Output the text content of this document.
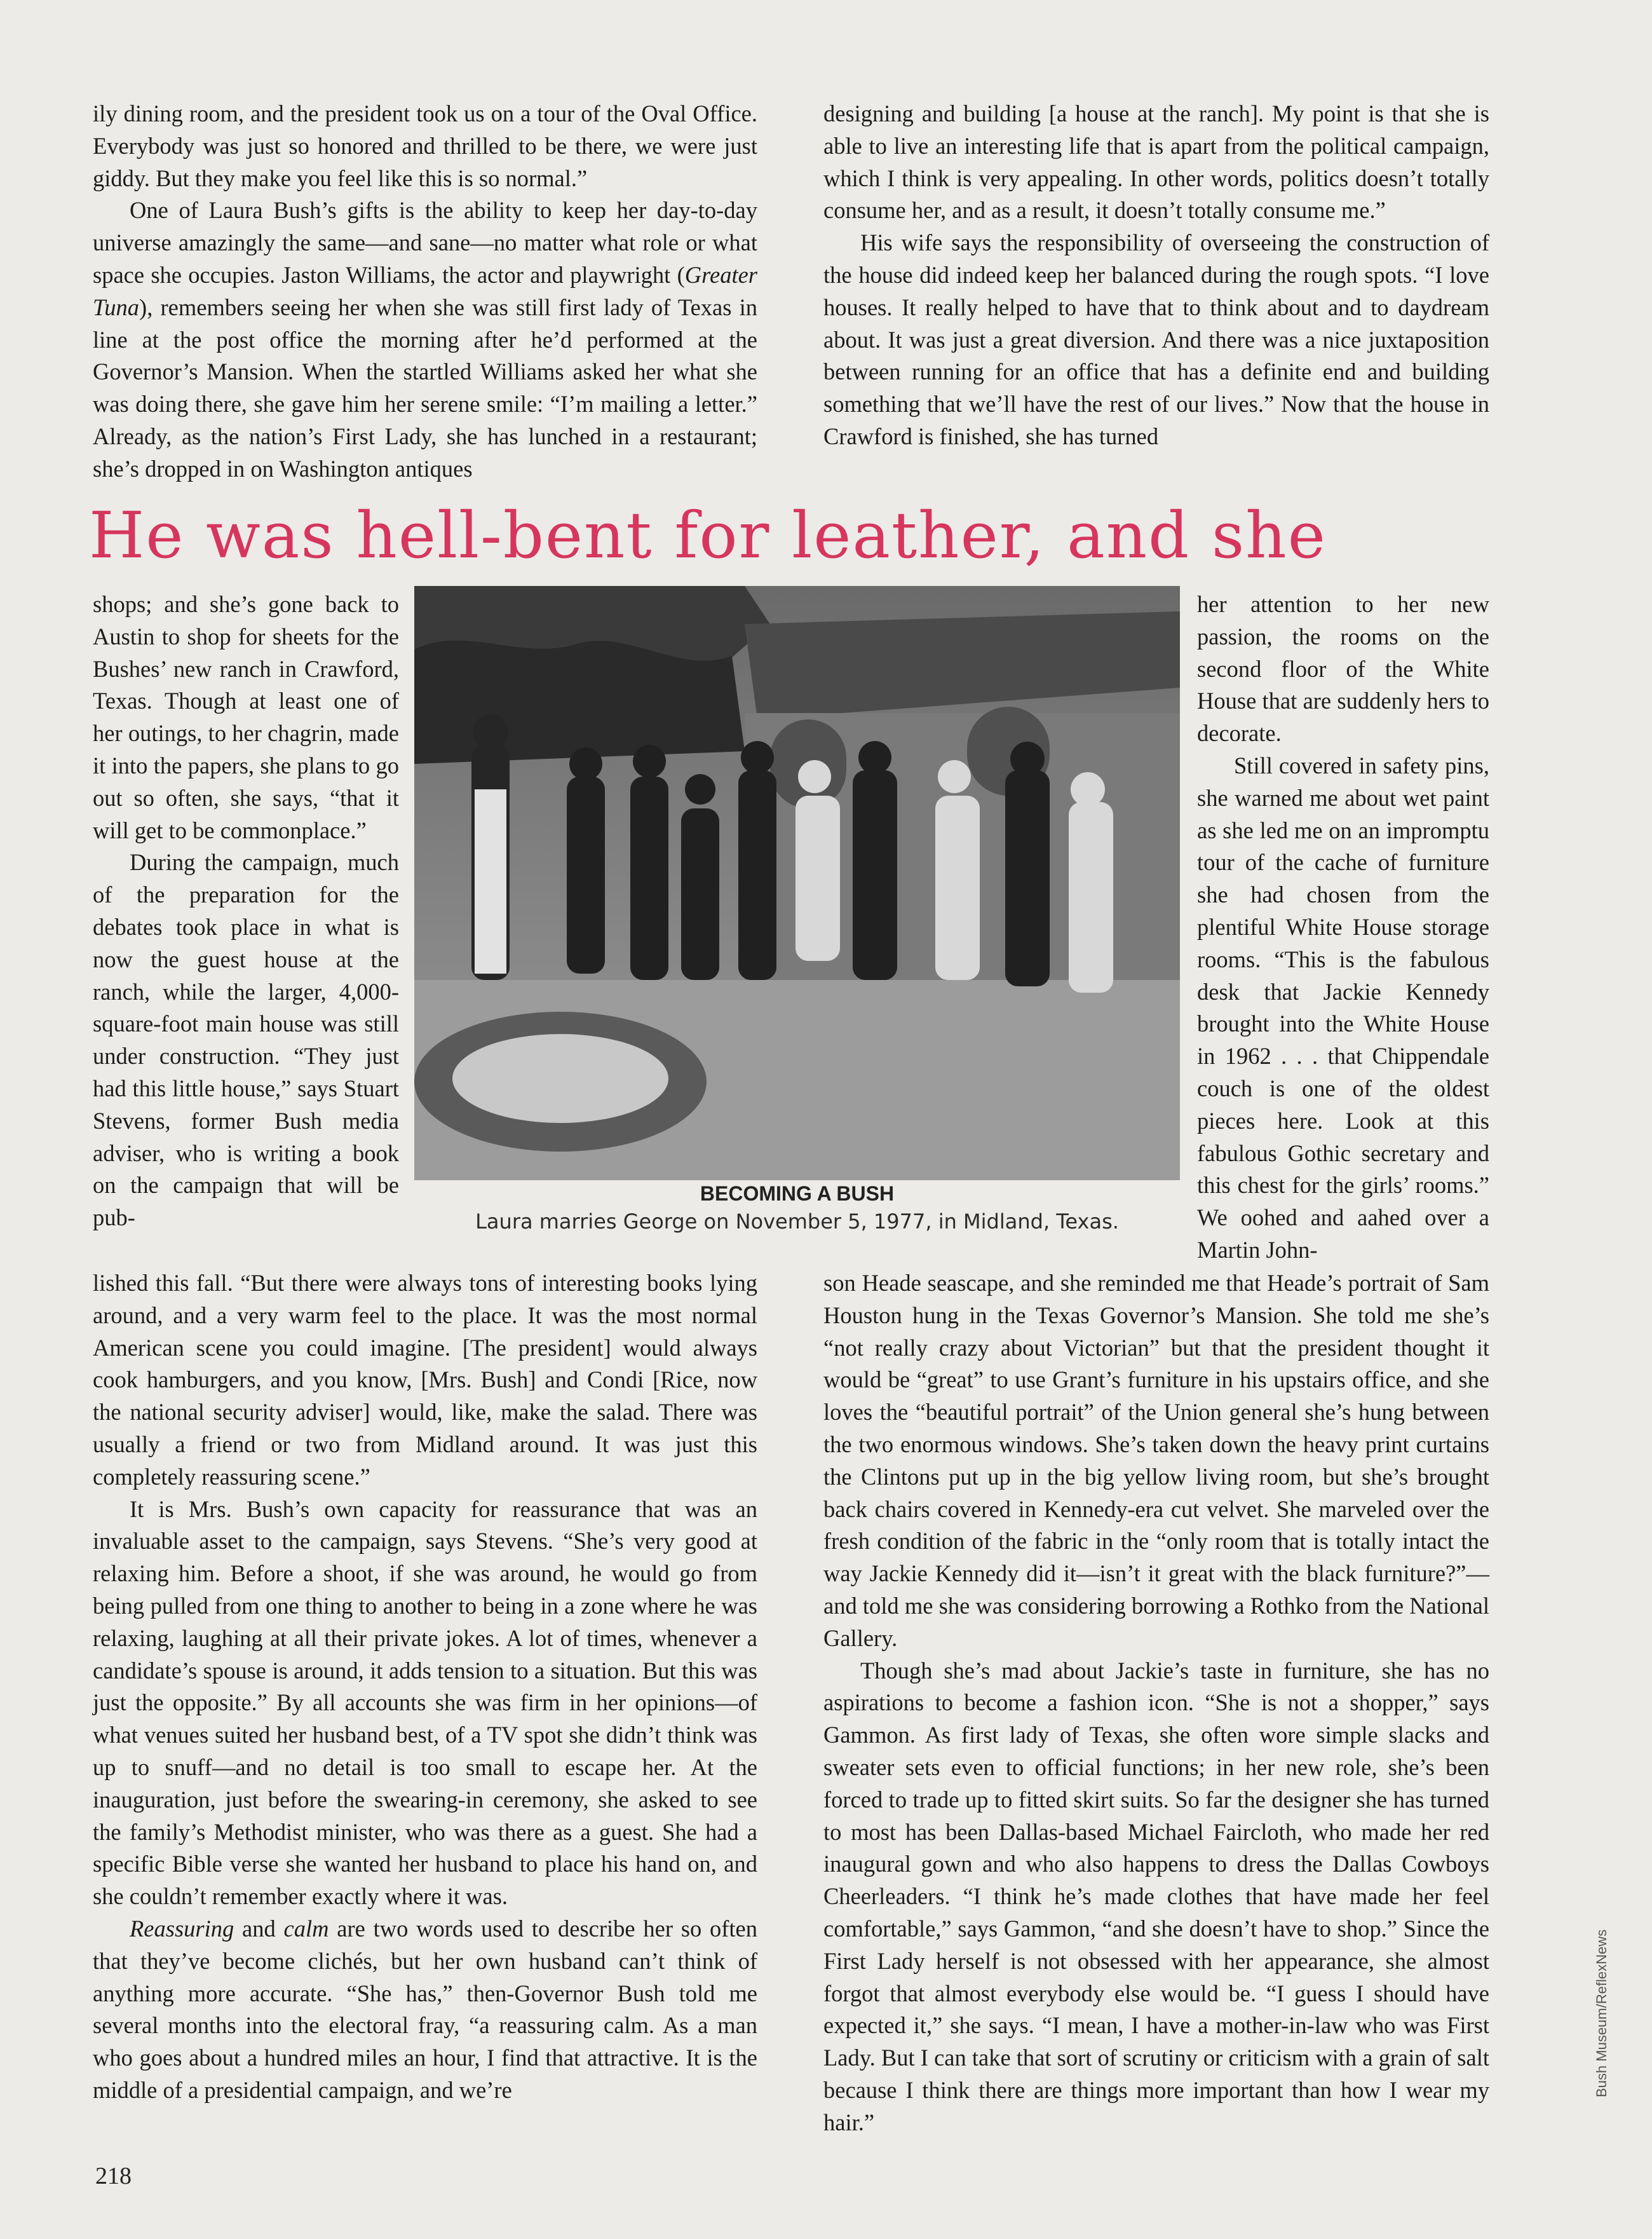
ily dining room, and the president took us on a tour of the Oval Office. Everybody was just so honored and thrilled to be there, we were just giddy. But they make you feel like this is so normal.”

One of Laura Bush’s gifts is the ability to keep her day-to-day universe amazingly the same—and sane—no matter what role or what space she occupies. Jaston Williams, the actor and playwright (Greater Tuna), remembers seeing her when she was still first lady of Texas in line at the post office the morning after he’d performed at the Governor’s Mansion. When the startled Williams asked her what she was doing there, she gave him her serene smile: “I’m mailing a letter.” Already, as the nation’s First Lady, she has lunched in a restaurant; she’s dropped in on Washington antiques

designing and building [a house at the ranch]. My point is that she is able to live an interesting life that is apart from the political campaign, which I think is very appealing. In other words, politics doesn’t totally consume her, and as a result, it doesn’t totally consume me.”

His wife says the responsibility of overseeing the construction of the house did indeed keep her balanced during the rough spots. “I love houses. It really helped to have that to think about and to daydream about. It was just a great diversion. And there was a nice juxtaposition between running for an office that has a definite end and building something that we’ll have the rest of our lives.” Now that the house in Crawford is finished, she has turned

He was hell-bent for leather, and she

shops; and she’s gone back to Austin to shop for sheets for the Bushes’ new ranch in Crawford, Texas. Though at least one of her outings, to her chagrin, made it into the papers, she plans to go out so often, she says, “that it will get to be commonplace.”

During the campaign, much of the preparation for the debates took place in what is now the guest house at the ranch, while the larger, 4,000-square-foot main house was still under construction. “They just had this little house,” says Stuart Stevens, former Bush media adviser, who is writing a book on the campaign that will be pub-

BECOMING A BUSH

Laura marries George on November 5, 1977, in Midland, Texas.

her attention to her new passion, the rooms on the second floor of the White House that are suddenly hers to decorate.

Still covered in safety pins, she warned me about wet paint as she led me on an impromptu tour of the cache of furniture she had chosen from the plentiful White House storage rooms. “This is the fabulous desk that Jackie Kennedy brought into the White House in 1962 . . . that Chippendale couch is one of the oldest pieces here. Look at this fabulous Gothic secretary and this chest for the girls’ rooms.” We oohed and aahed over a Martin John-

lished this fall. “But there were always tons of interesting books lying around, and a very warm feel to the place. It was the most normal American scene you could imagine. [The president] would always cook hamburgers, and you know, [Mrs. Bush] and Condi [Rice, now the national security adviser] would, like, make the salad. There was usually a friend or two from Midland around. It was just this completely reassuring scene.”

It is Mrs. Bush’s own capacity for reassurance that was an invaluable asset to the campaign, says Stevens. “She’s very good at relaxing him. Before a shoot, if she was around, he would go from being pulled from one thing to another to being in a zone where he was relaxing, laughing at all their private jokes. A lot of times, whenever a candidate’s spouse is around, it adds tension to a situation. But this was just the opposite.” By all accounts she was firm in her opinions—of what venues suited her husband best, of a TV spot she didn’t think was up to snuff—and no detail is too small to escape her. At the inauguration, just before the swearing-in ceremony, she asked to see the family’s Methodist minister, who was there as a guest. She had a specific Bible verse she wanted her husband to place his hand on, and she couldn’t remember exactly where it was.

Reassuring and calm are two words used to describe her so often that they’ve become clichés, but her own husband can’t think of anything more accurate. “She has,” then-Governor Bush told me several months into the electoral fray, “a reassuring calm. As a man who goes about a hundred miles an hour, I find that attractive. It is the middle of a presidential campaign, and we’re

son Heade seascape, and she reminded me that Heade’s portrait of Sam Houston hung in the Texas Governor’s Mansion. She told me she’s “not really crazy about Victorian” but that the president thought it would be “great” to use Grant’s furniture in his upstairs office, and she loves the “beautiful portrait” of the Union general she’s hung between the two enormous windows. She’s taken down the heavy print curtains the Clintons put up in the big yellow living room, but she’s brought back chairs covered in Kennedy-era cut velvet. She marveled over the fresh condition of the fabric in the “only room that is totally intact the way Jackie Kennedy did it—isn’t it great with the black furniture?”—and told me she was considering borrowing a Rothko from the National Gallery.

Though she’s mad about Jackie’s taste in furniture, she has no aspirations to become a fashion icon. “She is not a shopper,” says Gammon. As first lady of Texas, she often wore simple slacks and sweater sets even to official functions; in her new role, she’s been forced to trade up to fitted skirt suits. So far the designer she has turned to most has been Dallas-based Michael Faircloth, who made her red inaugural gown and who also happens to dress the Dallas Cowboys Cheerleaders. “I think he’s made clothes that have made her feel comfortable,” says Gammon, “and she doesn’t have to shop.” Since the First Lady herself is not obsessed with her appearance, she almost forgot that almost everybody else would be. “I guess I should have expected it,” she says. “I mean, I have a mother-in-law who was First Lady. But I can take that sort of scrutiny or criticism with a grain of salt because I think there are things more important than how I wear my hair.”

Bush Museum/ReflexNews

218
